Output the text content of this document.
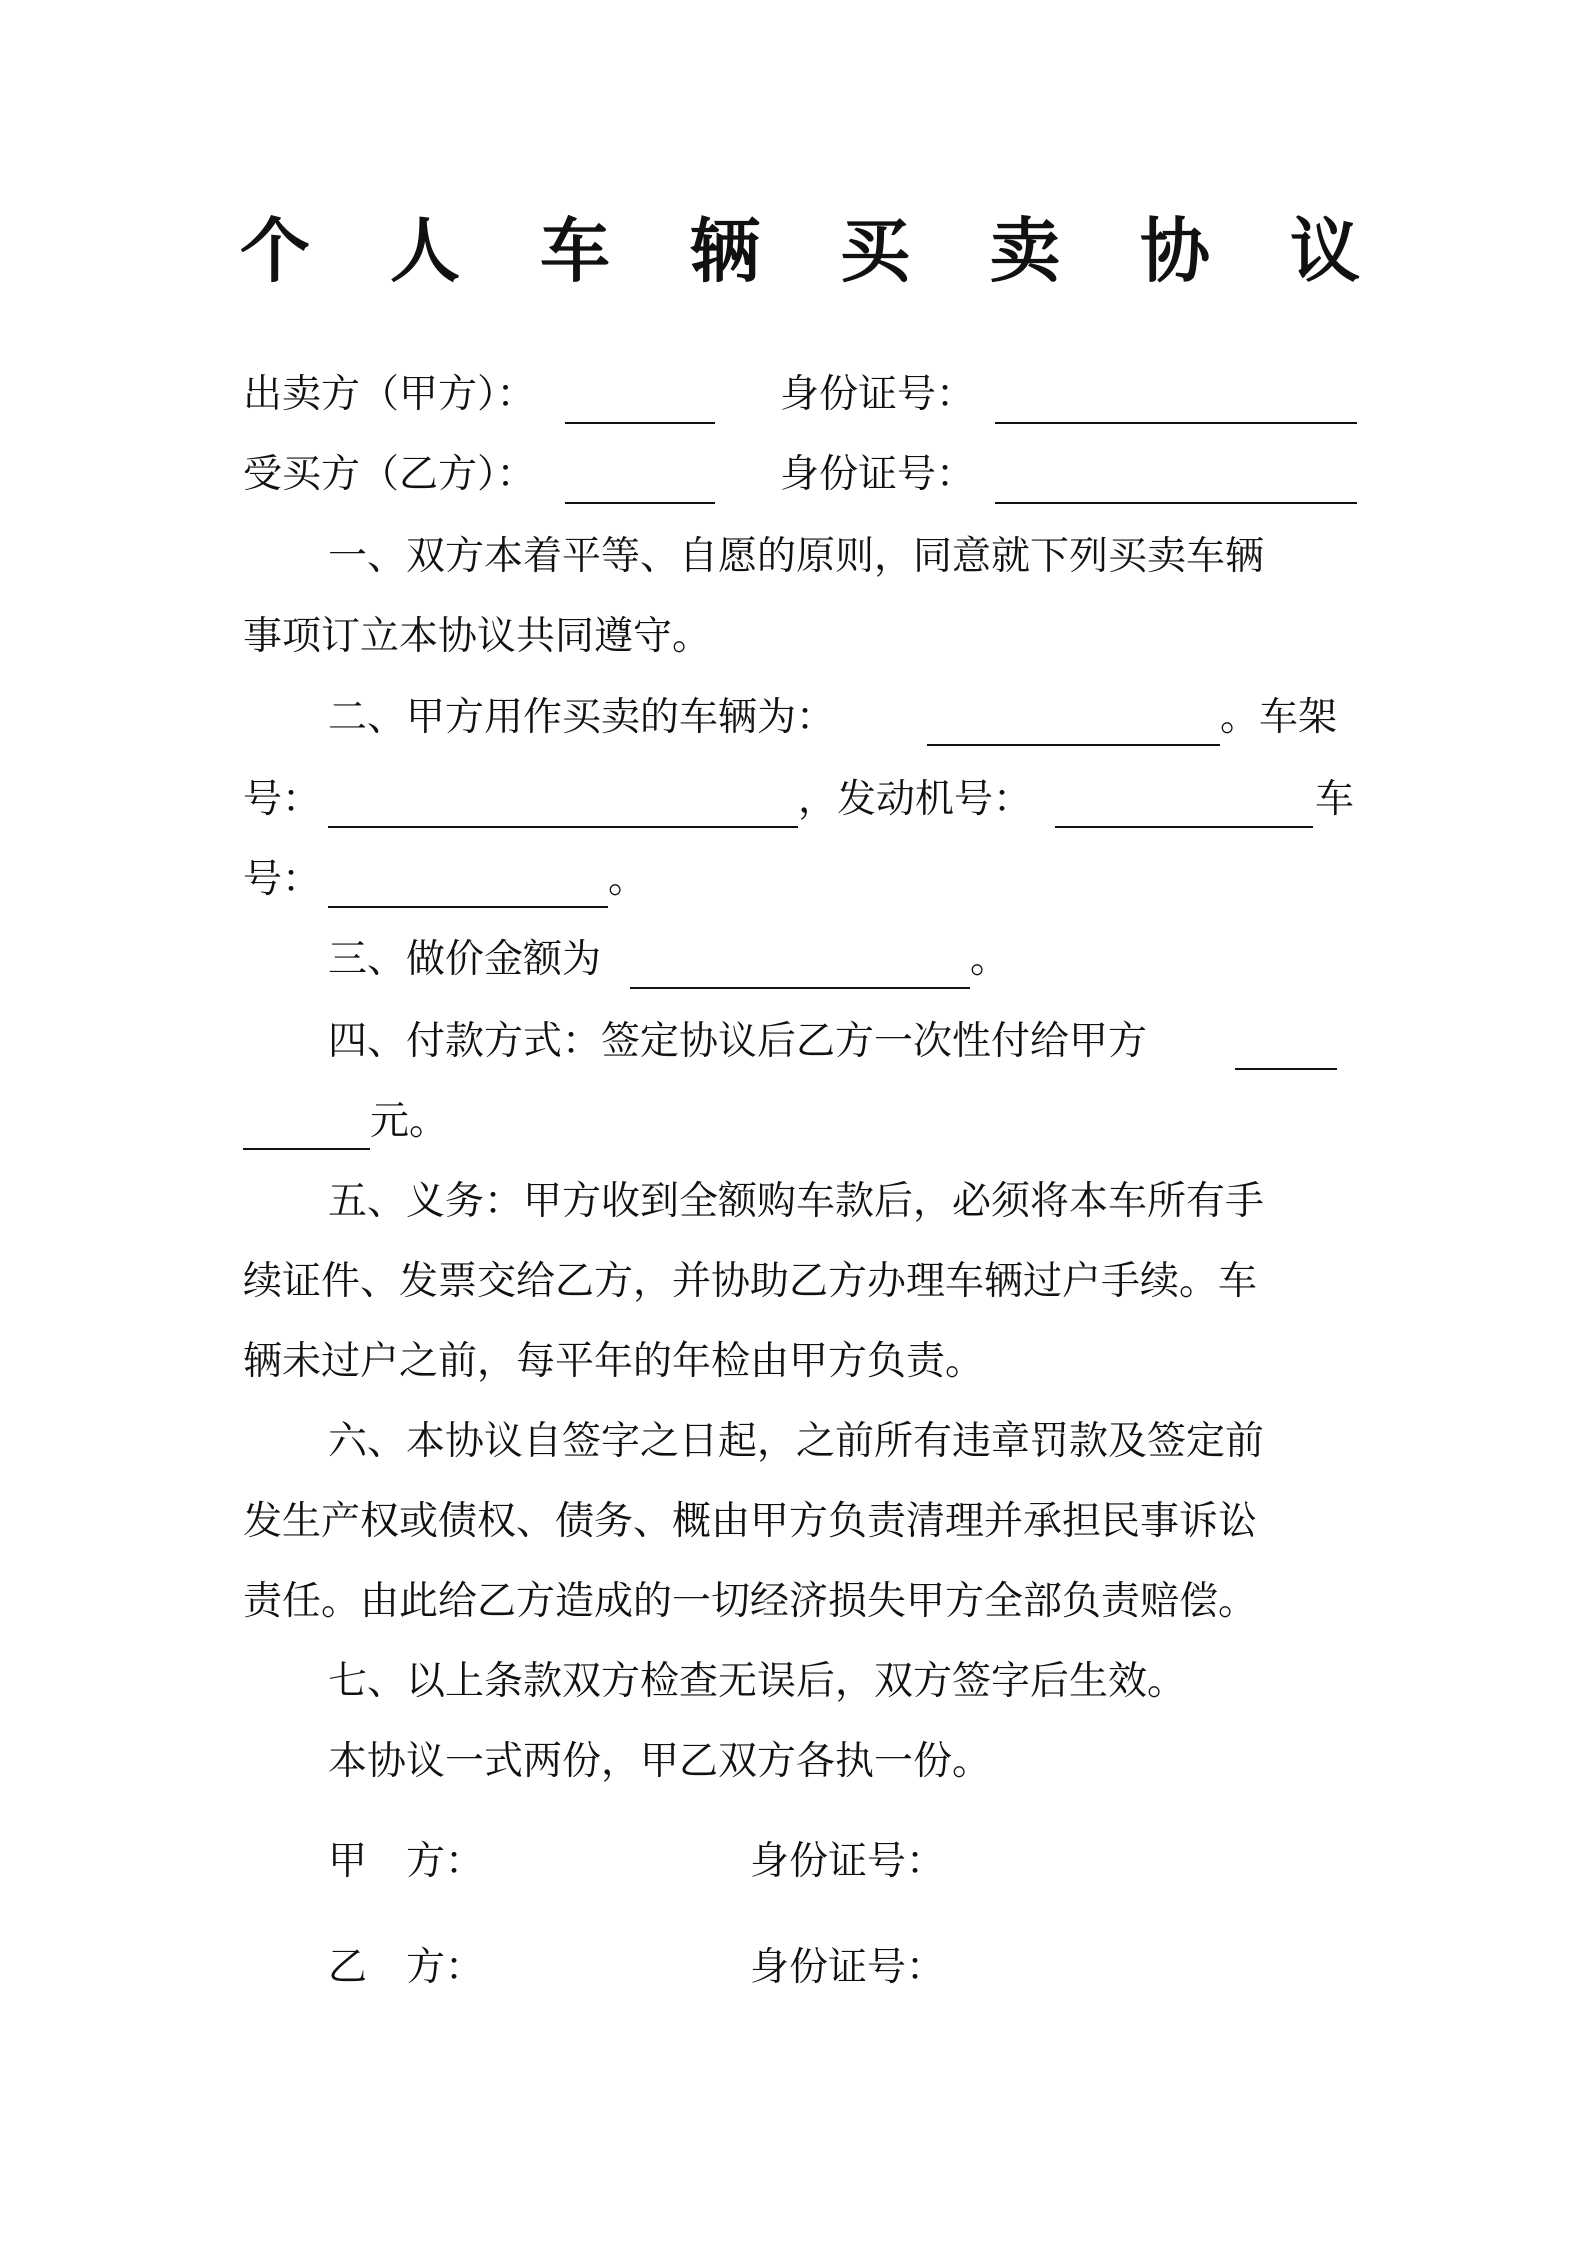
个 人 车 辆 买 卖 协 议
出卖方（甲方）：	身份证号：
受买方（乙方）：	身份证号：
一、双方本着平等、自愿的原则，同意就下列买卖车辆
事项订立本协议共同遵守。
二、甲方用作买卖的车辆为：	。车架
号：	，发动机号：	车
号：	。
三、做价金额为	。
四、付款方式：签定协议后乙方一次性付给甲方
元。
五、义务：甲方收到全额购车款后，必须将本车所有手
续证件、发票交给乙方，并协助乙方办理车辆过户手续。车
辆未过户之前，每平年的年检由甲方负责。
六、本协议自签字之日起，之前所有违章罚款及签定前
发生产权或债权、债务、概由甲方负责清理并承担民事诉讼
责任。由此给乙方造成的一切经济损失甲方全部负责赔偿。
七、以上条款双方检查无误后，双方签字后生效。
本协议一式两份，甲乙双方各执一份。
甲　方：	身份证号：
乙　方：	身份证号：
